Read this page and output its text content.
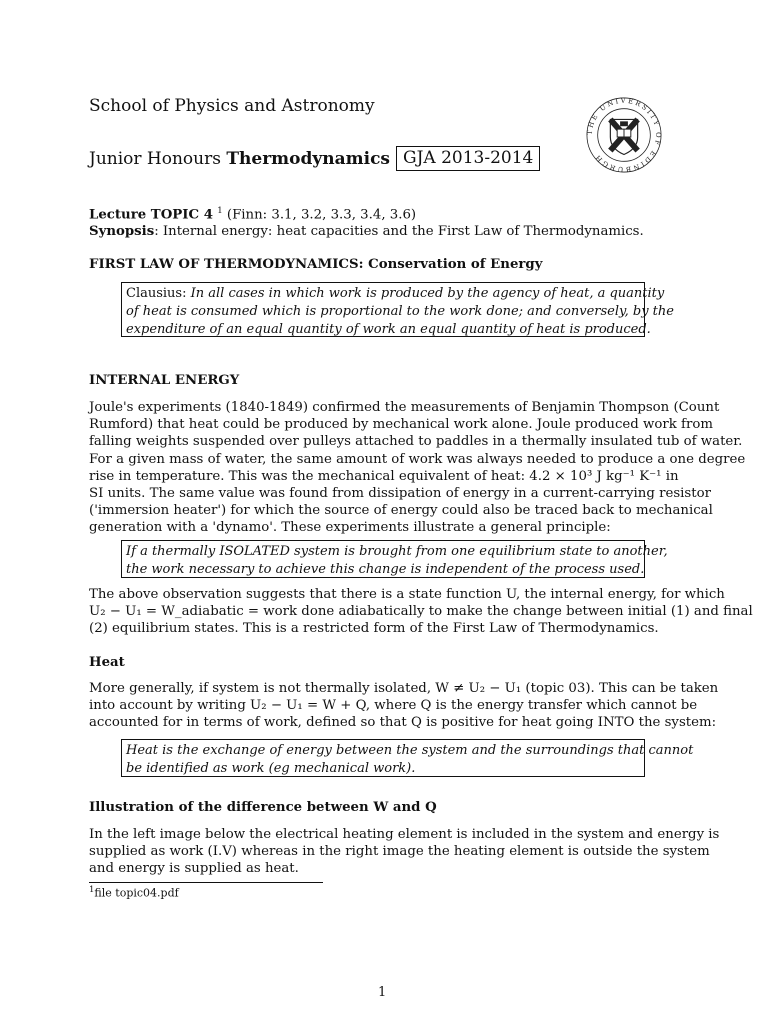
School of Physics and Astronomy
Junior Honours Thermodynamics GJA 2013-2014
THE UNIVERSITY OF EDINBURGH
Lecture TOPIC 4 $^1$ (Finn: 3.1, 3.2, 3.3, 3.4, 3.6)
Synopsis: Internal energy: heat capacities and the First Law of Thermodynamics.
FIRST LAW OF THERMODYNAMICS: Conservation of Energy
Clausius: In all cases in which work is produced by the agency of heat, a quantity
of heat is consumed which is proportional to the work done; and conversely, by the
expenditure of an equal quantity of work an equal quantity of heat is produced.
INTERNAL ENERGY
Joule's experiments (1840-1849) confirmed the measurements of Benjamin Thompson (Count
Rumford) that heat could be produced by mechanical work alone. Joule produced work from
falling weights suspended over pulleys attached to paddles in a thermally insulated tub of water.
For a given mass of water, the same amount of work was always needed to produce a one degree
rise in temperature. This was the mechanical equivalent of heat: 4.2 × 10³ J kg⁻¹ K⁻¹ in
SI units. The same value was found from dissipation of energy in a current-carrying resistor
('immersion heater') for which the source of energy could also be traced back to mechanical
generation with a 'dynamo'. These experiments illustrate a general principle:
If a thermally ISOLATED system is brought from one equilibrium state to another,
the work necessary to achieve this change is independent of the process used.
The above observation suggests that there is a state function U, the internal energy, for which
U₂ − U₁ = W_adiabatic = work done adiabatically to make the change between initial (1) and final
(2) equilibrium states. This is a restricted form of the First Law of Thermodynamics.
Heat
More generally, if system is not thermally isolated, W ≠ U₂ − U₁ (topic 03). This can be taken
into account by writing U₂ − U₁ = W + Q, where Q is the energy transfer which cannot be
accounted for in terms of work, defined so that Q is positive for heat going INTO the system:
Heat is the exchange of energy between the system and the surroundings that cannot
be identified as work (eg mechanical work).
Illustration of the difference between W and Q
In the left image below the electrical heating element is included in the system and energy is
supplied as work (I.V) whereas in the right image the heating element is outside the system
and energy is supplied as heat.
$^1$file topic04.pdf
1
